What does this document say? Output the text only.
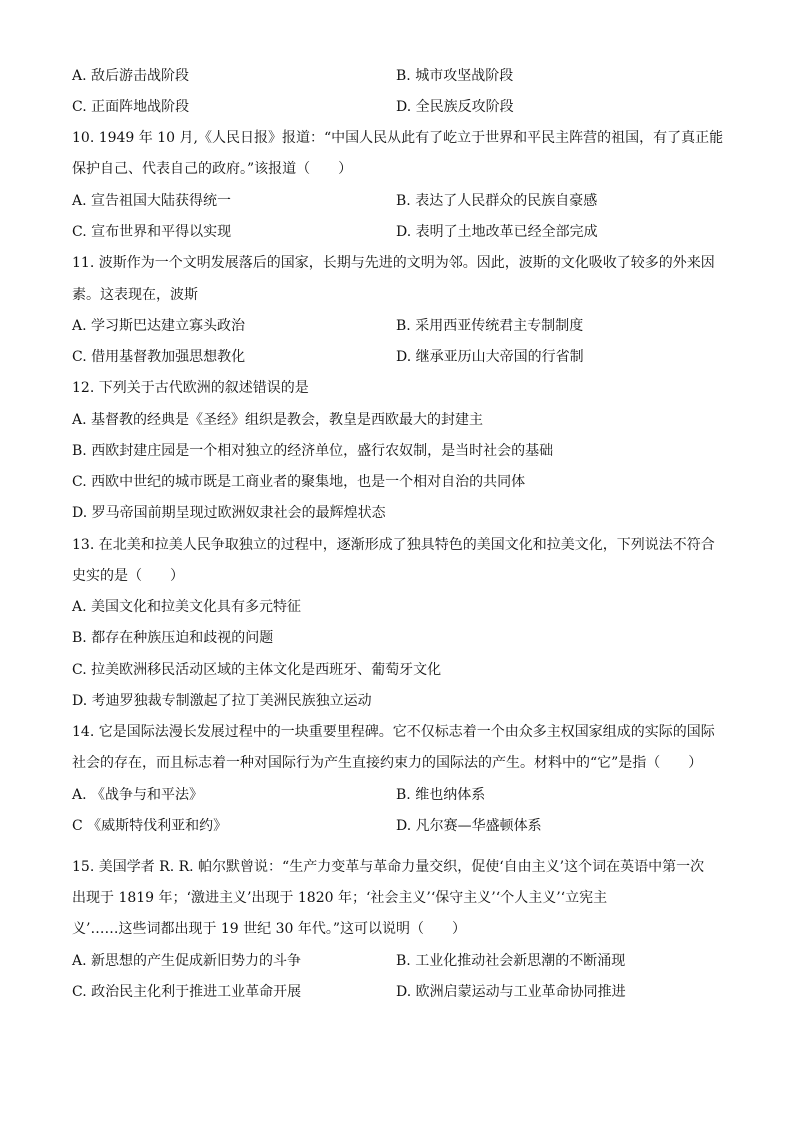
A. 敌后游击战阶段	B. 城市攻坚战阶段
C. 正面阵地战阶段	D. 全民族反攻阶段
10. 1949 年 10 月,《人民日报》报道：“中国人民从此有了屹立于世界和平民主阵营的祖国，有了真正能
保护自己、代表自己的政府。”该报道（　　）
A. 宣告祖国大陆获得统一	B. 表达了人民群众的民族自豪感
C. 宣布世界和平得以实现	D. 表明了土地改革已经全部完成
11. 波斯作为一个文明发展落后的国家，长期与先进的文明为邻。因此，波斯的文化吸收了较多的外来因
素。这表现在，波斯
A. 学习斯巴达建立寡头政治	B. 采用西亚传统君主专制制度
C. 借用基督教加强思想教化	D. 继承亚历山大帝国的行省制
12. 下列关于古代欧洲的叙述错误的是
A. 基督教的经典是《圣经》组织是教会，教皇是西欧最大的封建主
B. 西欧封建庄园是一个相对独立的经济单位，盛行农奴制，是当时社会的基础
C. 西欧中世纪的城市既是工商业者的聚集地，也是一个相对自治的共同体
D. 罗马帝国前期呈现过欧洲奴隶社会的最辉煌状态
13. 在北美和拉美人民争取独立的过程中，逐渐形成了独具特色的美国文化和拉美文化，下列说法不符合
史实的是（　　）
A. 美国文化和拉美文化具有多元特征
B. 都存在种族压迫和歧视的问题
C. 拉美欧洲移民活动区域的主体文化是西班牙、葡萄牙文化
D. 考迪罗独裁专制激起了拉丁美洲民族独立运动
14. 它是国际法漫长发展过程中的一块重要里程碑。它不仅标志着一个由众多主权国家组成的实际的国际
社会的存在，而且标志着一种对国际行为产生直接约束力的国际法的产生。材料中的“它”是指（　　）
A. 《战争与和平法》	B. 维也纳体系
C 《威斯特伐利亚和约》	D. 凡尔赛—华盛顿体系
15. 美国学者 R. R. 帕尔默曾说：“生产力变革与革命力量交织，促使‘自由主义’这个词在英语中第一次
出现于 1819 年；‘激进主义’出现于 1820 年；‘社会主义’‘保守主义’‘个人主义’‘立宪主
义’……这些词都出现于 19 世纪 30 年代。”这可以说明（　　）
A. 新思想的产生促成新旧势力的斗争	B. 工业化推动社会新思潮的不断涌现
C. 政治民主化利于推进工业革命开展	D. 欧洲启蒙运动与工业革命协同推进
